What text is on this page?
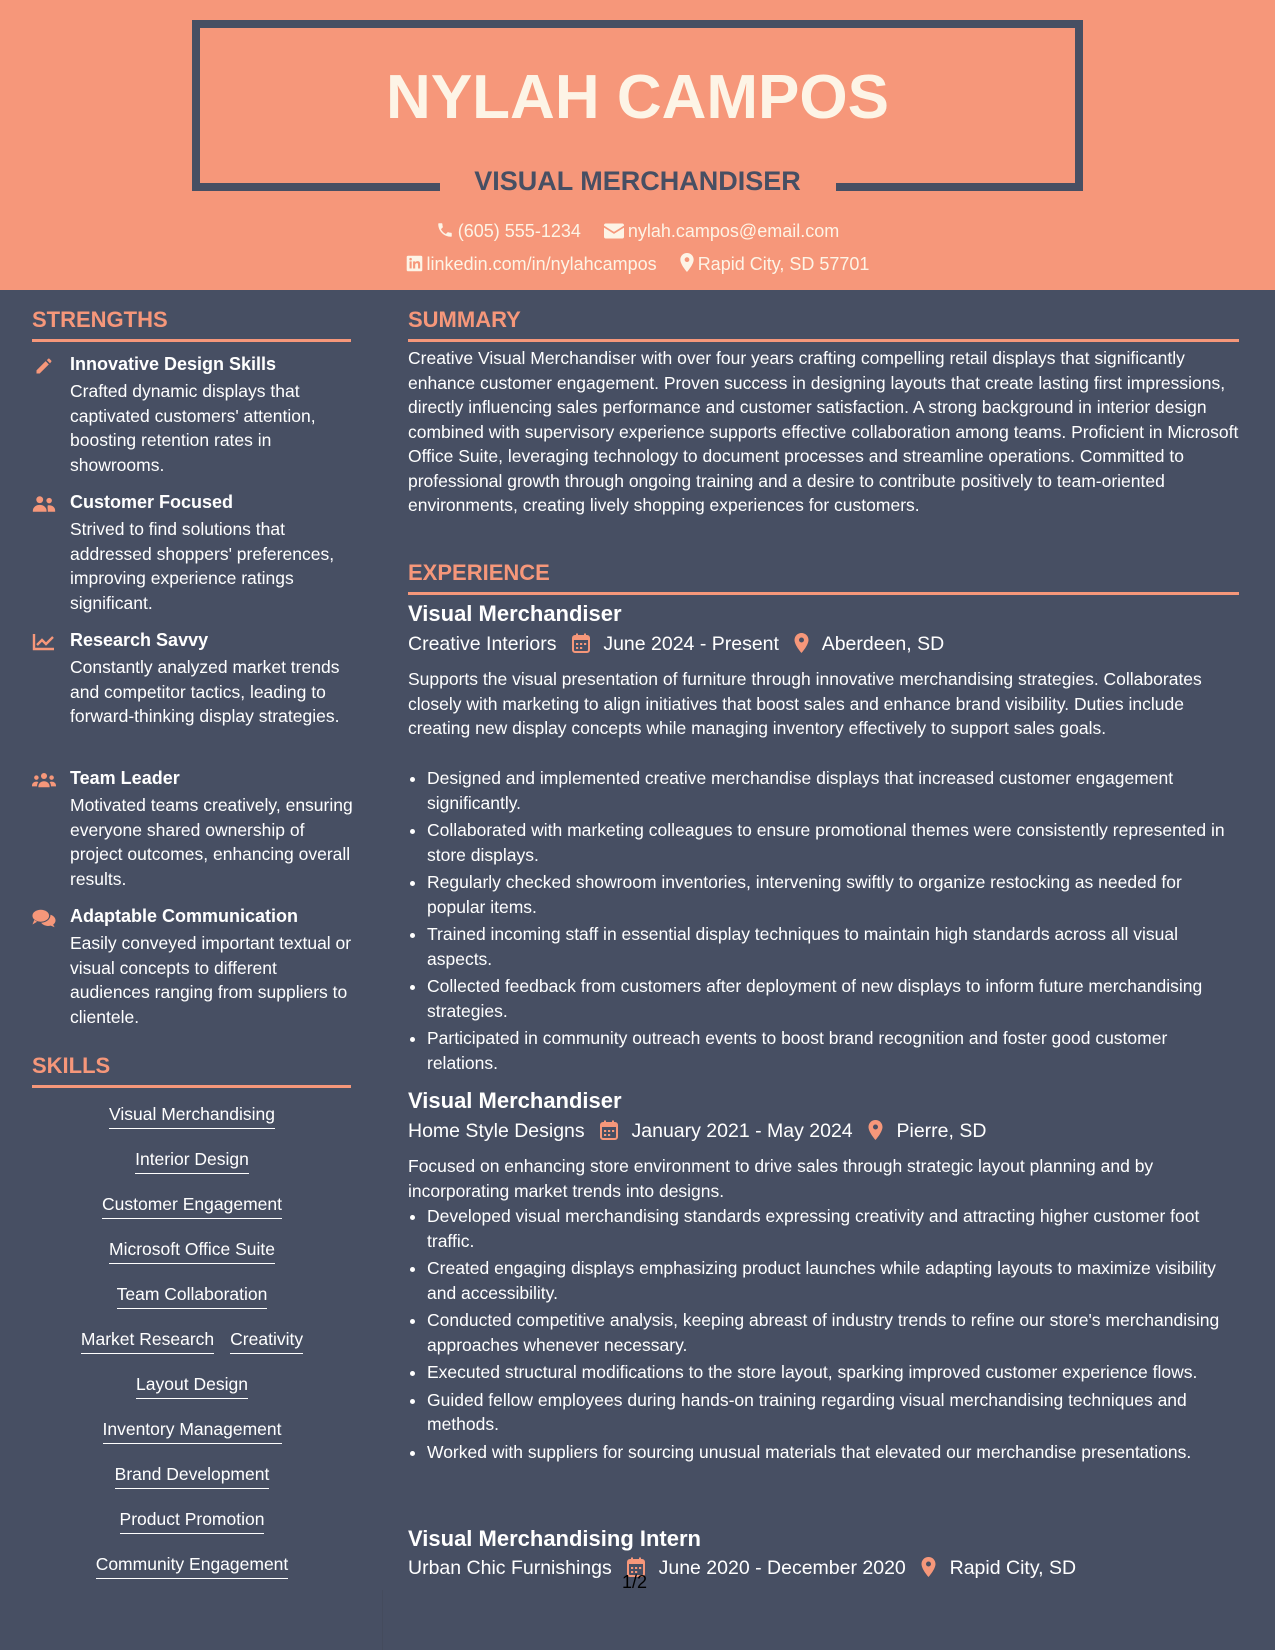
NYLAH CAMPOS
VISUAL MERCHANDISER
(605) 555-1234	nylah.campos@email.com
linkedin.com/in/nylahcampos Rapid City, SD 57701
STRENGTHS
Innovative Design Skills
Crafted dynamic displays that captivated customers' attention, boosting retention rates in showrooms.
Customer Focused
Strived to find solutions that addressed shoppers' preferences, improving experience ratings significant.
Research Savvy
Constantly analyzed market trends and competitor tactics, leading to forward-thinking display strategies.
Team Leader
Motivated teams creatively, ensuring everyone shared ownership of project outcomes, enhancing overall results.
Adaptable Communication
Easily conveyed important textual or visual concepts to different audiences ranging from suppliers to clientele.
SKILLS
Visual Merchandising
Interior Design
Customer Engagement
Microsoft Office Suite
Team Collaboration
Market Research Creativity
Layout Design
Inventory Management
Brand Development
Product Promotion
Community Engagement
SUMMARY
Creative Visual Merchandiser with over four years crafting compelling retail displays that significantly enhance customer engagement. Proven success in designing layouts that create lasting first impressions, directly influencing sales performance and customer satisfaction. A strong background in interior design combined with supervisory experience supports effective collaboration among teams. Proficient in Microsoft Office Suite, leveraging technology to document processes and streamline operations. Committed to professional growth through ongoing training and a desire to contribute positively to team-oriented environments, creating lively shopping experiences for customers.
EXPERIENCE
Visual Merchandiser
Creative Interiors June 2024 - Present Aberdeen, SD
Supports the visual presentation of furniture through innovative merchandising strategies. Collaborates closely with marketing to align initiatives that boost sales and enhance brand visibility. Duties include creating new display concepts while managing inventory effectively to support sales goals.
• Designed and implemented creative merchandise displays that increased customer engagement significantly.
• Collaborated with marketing colleagues to ensure promotional themes were consistently represented in store displays.
• Regularly checked showroom inventories, intervening swiftly to organize restocking as needed for popular items.
• Trained incoming staff in essential display techniques to maintain high standards across all visual aspects.
• Collected feedback from customers after deployment of new displays to inform future merchandising strategies.
• Participated in community outreach events to boost brand recognition and foster good customer relations.
Visual Merchandiser
Home Style Designs January 2021 - May 2024 Pierre, SD
Focused on enhancing store environment to drive sales through strategic layout planning and by incorporating market trends into designs.
• Developed visual merchandising standards expressing creativity and attracting higher customer foot traffic.
• Created engaging displays emphasizing product launches while adapting layouts to maximize visibility and accessibility.
• Conducted competitive analysis, keeping abreast of industry trends to refine our store's merchandising approaches whenever necessary.
• Executed structural modifications to the store layout, sparking improved customer experience flows.
• Guided fellow employees during hands-on training regarding visual merchandising techniques and methods.
• Worked with suppliers for sourcing unusual materials that elevated our merchandise presentations.
Visual Merchandising Intern
Urban Chic Furnishings June 2020 - December 2020 Rapid City, SD
1/2
